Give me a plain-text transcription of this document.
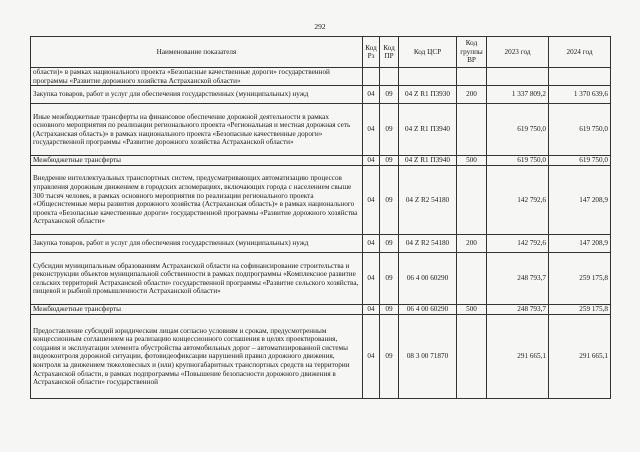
292
Наименование показателя	Код Рз	Код ПР	Код ЦСР	Код группы ВР	2023 год	2024 год
области)» в рамках национального проекта «Безопасные качественные дороги» государственной программы «Развитие дорожного хозяйства Астраханской области»						
Закупка товаров, работ и услуг для обеспечения государственных (муниципальных) нужд	04	09	04 Z R1 П3930	200	1 337 809,2	1 370 639,6
Иные межбюджетные трансферты на финансовое обеспечение дорожной деятельности в рамках основного мероприятия по реализации регионального проекта «Региональная и местная дорожная сеть (Астраханская область)» в рамках национального проекта «Безопасные качественные дороги» государственной программы «Развитие дорожного хозяйства Астраханской области»	04	09	04 Z R1 П3940		619 750,0	619 750,0
Межбюджетные трансферты	04	09	04 Z R1 П3940	500	619 750,0	619 750,0
Внедрение интеллектуальных транспортных систем, предусматривающих автоматизацию процессов управления дорожным движением в городских агломерациях, включающих города с населением свыше 300 тысяч человек, в рамках основного мероприятия по реализации регионального проекта «Общесистемные меры развития дорожного хозяйства (Астраханская область)» в рамках национального проекта «Безопасные качественные дороги» государственной программы «Развитие дорожного хозяйства Астраханской области»	04	09	04 Z R2 54180		142 792,6	147 208,9
Закупка товаров, работ и услуг для обеспечения государственных (муниципальных) нужд	04	09	04 Z R2 54180	200	142 792,6	147 208,9
Субсидии муниципальным образованиям Астраханской области на софинансирование строительства и реконструкции объектов муниципальной собственности в рамках подпрограммы «Комплексное развитие сельских территорий Астраханской области» государственной программы «Развитие сельского хозяйства, пищевой и рыбной промышленности Астраханской области»	04	09	06 4 00 60290		248 793,7	259 175,8
Межбюджетные трансферты	04	09	06 4 00 60290	500	248 793,7	259 175,8
Предоставление субсидий юридическим лицам согласно условиям и срокам, предусмотренным концессионным соглашением на реализацию концессионного соглашения в целях проектирования, создания и эксплуатации элемента обустройства автомобильных дорог – автоматизированной системы видеоконтроля дорожной ситуации, фотовидеофиксации нарушений правил дорожного движения, контроля за движением тяжеловесных и (или) крупногабаритных транспортных средств на территории Астраханской области, в рамках подпрограммы «Повышение безопасности дорожного движения в Астраханской области» государственной	04	09	08 3 00 71870		291 665,1	291 665,1
